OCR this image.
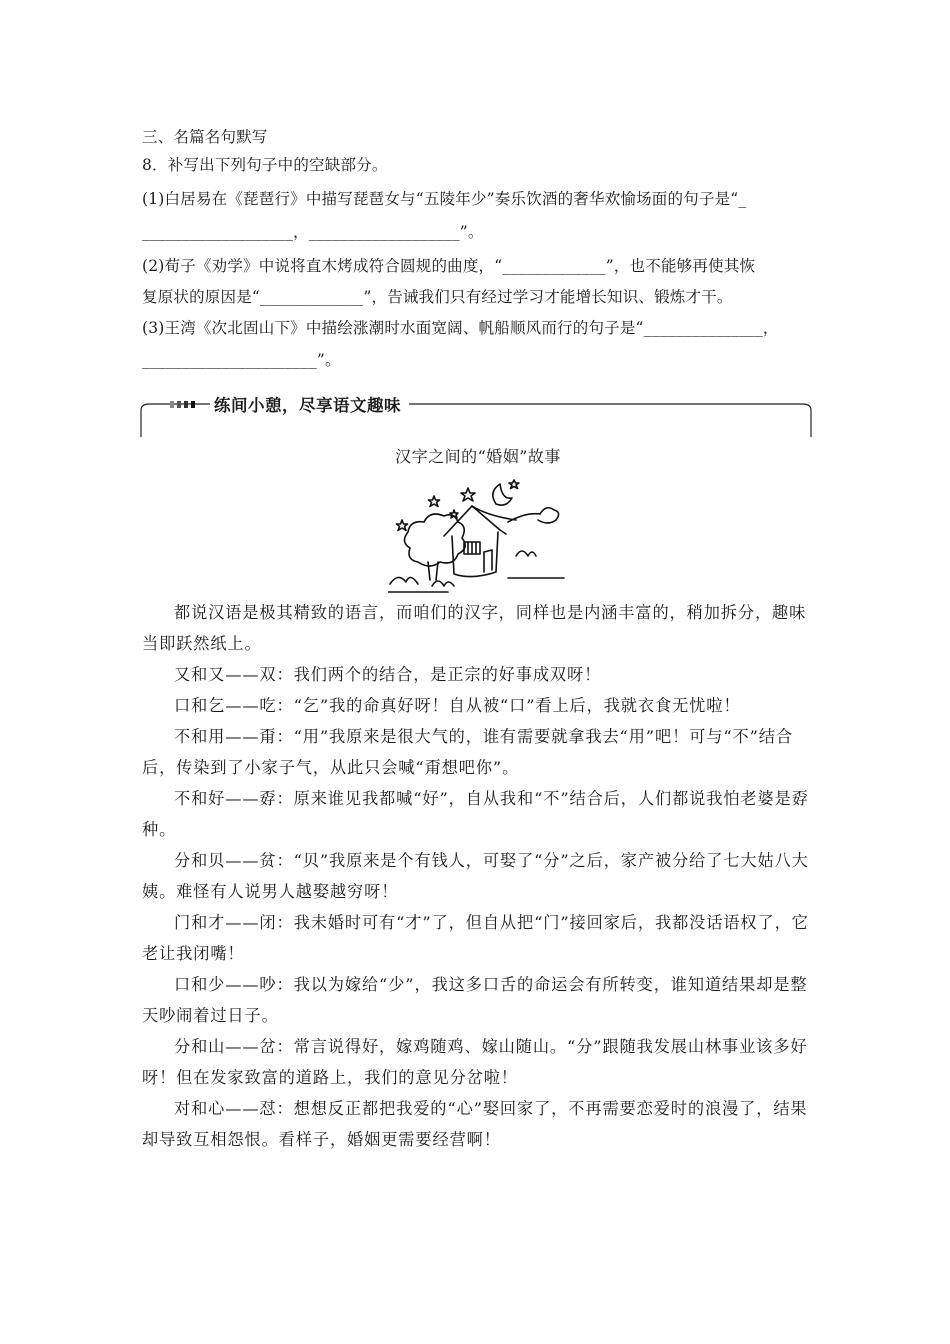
三、名篇名句默写
8．补写出下列句子中的空缺部分。
(1)白居易在《琵琶行》中描写琵琶女与“五陵年少”奏乐饮酒的奢华欢愉场面的句子是“_
___________________，___________________”。
(2)荀子《劝学》中说将直木烤成符合圆规的曲度，“_____________”，也不能够再使其恢
复原状的原因是“_____________”，告诫我们只有经过学习才能增长知识、锻炼才干。
(3)王湾《次北固山下》中描绘涨潮时水面宽阔、帆船顺风而行的句子是“_______________，
______________________”。
练间小憩，尽享语文趣味
汉字之间的“婚姻”故事

都说汉语是极其精致的语言，而咱们的汉字，同样也是内涵丰富的，稍加拆分，趣味当即跃然纸上。

又和又——双：我们两个的结合，是正宗的好事成双呀！

口和乞——吃：“乞”我的命真好呀！自从被“口”看上后，我就衣食无忧啦！

不和用——甭：“用”我原来是很大气的，谁有需要就拿我去“用”吧！可与“不”结合后，传染到了小家子气，从此只会喊“甭想吧你”。

不和好——孬：原来谁见我都喊“好”，自从我和“不”结合后，人们都说我怕老婆是孬种。

分和贝——贫：“贝”我原来是个有钱人，可娶了“分”之后，家产被分给了七大姑八大姨。难怪有人说男人越娶越穷呀！

门和才——闭：我未婚时可有“才”了，但自从把“门”接回家后，我都没话语权了，它老让我闭嘴！

口和少——吵：我以为嫁给“少”，我这多口舌的命运会有所转变，谁知道结果却是整天吵闹着过日子。

分和山——岔：常言说得好，嫁鸡随鸡、嫁山随山。“分”跟随我发展山林事业该多好呀！但在发家致富的道路上，我们的意见分岔啦！

对和心——怼：想想反正都把我爱的“心”娶回家了，不再需要恋爱时的浪漫了，结果却导致互相怨恨。看样子，婚姻更需要经营啊！
